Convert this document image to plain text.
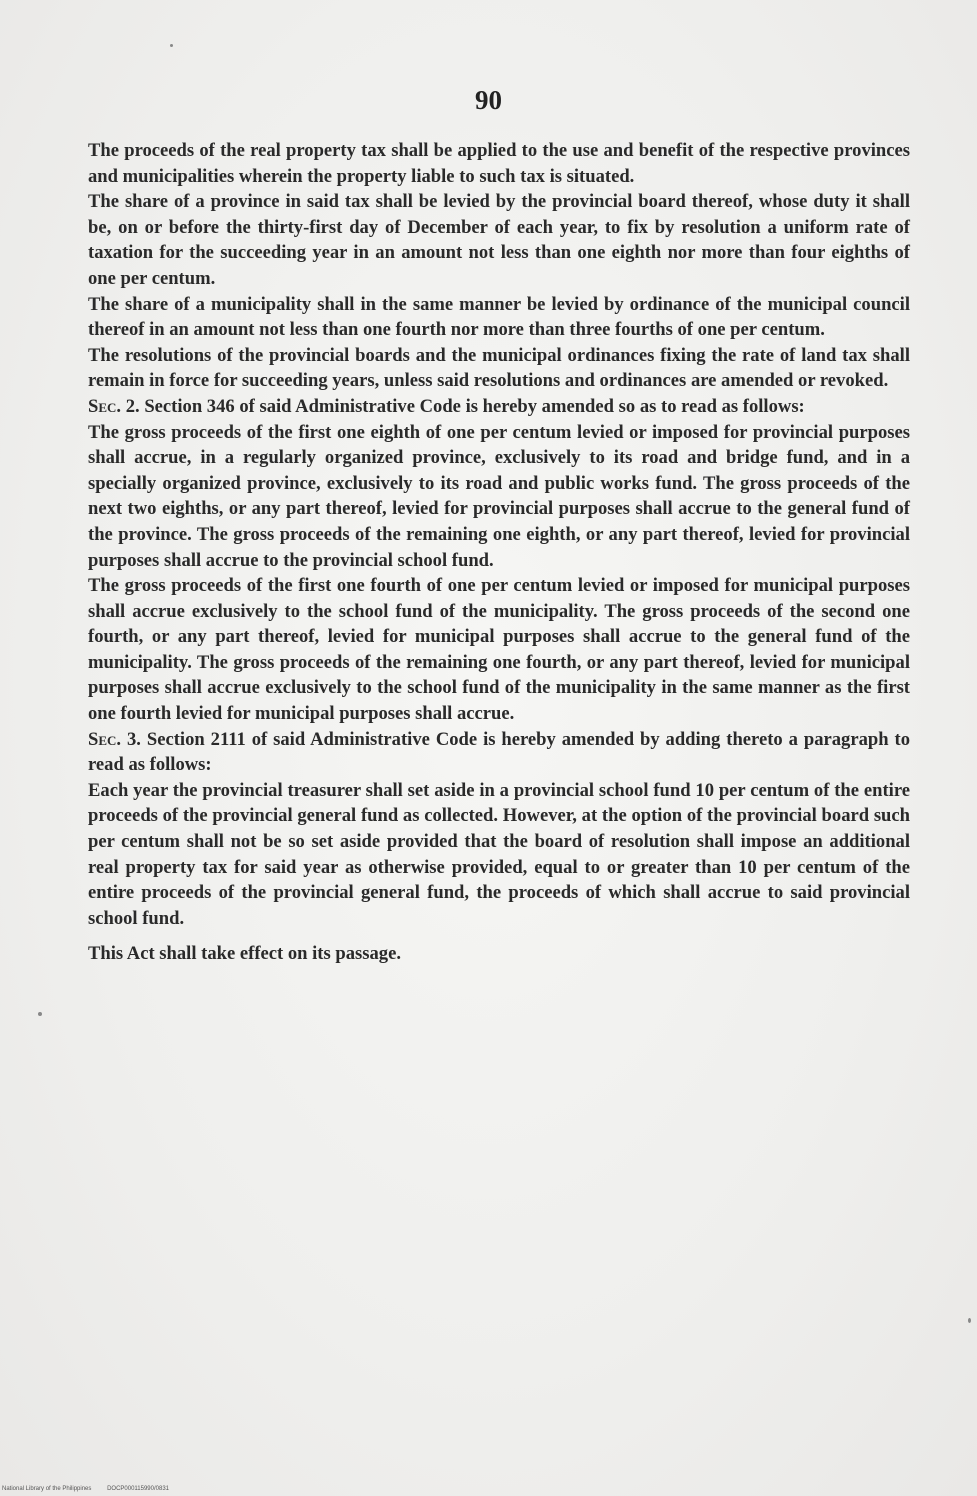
90

The proceeds of the real property tax shall be applied to the use and benefit of the respective provinces and municipalities wherein the property liable to such tax is situated.

The share of a province in said tax shall be levied by the provincial board thereof, whose duty it shall be, on or before the thirty-first day of December of each year, to fix by resolution a uniform rate of taxation for the succeeding year in an amount not less than one eighth nor more than four eighths of one per centum.

The share of a municipality shall in the same manner be levied by ordinance of the municipal council thereof in an amount not less than one fourth nor more than three fourths of one per centum.

The resolutions of the provincial boards and the municipal ordinances fixing the rate of land tax shall remain in force for succeeding years, unless said resolutions and ordinances are amended or revoked.

Sec. 2. Section 346 of said Administrative Code is hereby amended so as to read as follows:

The gross proceeds of the first one eighth of one per centum levied or imposed for provincial purposes shall accrue, in a regularly organized province, exclusively to its road and bridge fund, and in a specially organized province, exclusively to its road and public works fund. The gross proceeds of the next two eighths, or any part thereof, levied for provincial purposes shall accrue to the general fund of the province. The gross proceeds of the remaining one eighth, or any part thereof, levied for provincial purposes shall accrue to the provincial school fund.

The gross proceeds of the first one fourth of one per centum levied or imposed for municipal purposes shall accrue exclusively to the school fund of the municipality. The gross proceeds of the second one fourth, or any part thereof, levied for municipal purposes shall accrue to the general fund of the municipality. The gross proceeds of the remaining one fourth, or any part thereof, levied for municipal purposes shall accrue exclusively to the school fund of the municipality in the same manner as the first one fourth levied for municipal purposes shall accrue.

Sec. 3. Section 2111 of said Administrative Code is hereby amended by adding thereto a paragraph to read as follows:

Each year the provincial treasurer shall set aside in a provincial school fund 10 per centum of the entire proceeds of the provincial general fund as collected. However, at the option of the provincial board such per centum shall not be so set aside provided that the board of resolution shall impose an additional real property tax for said year as otherwise provided, equal to or greater than 10 per centum of the entire proceeds of the provincial general fund, the proceeds of which shall accrue to said provincial school fund.

This Act shall take effect on its passage.

National Library of the Philippines	DOCP000115990/0831
